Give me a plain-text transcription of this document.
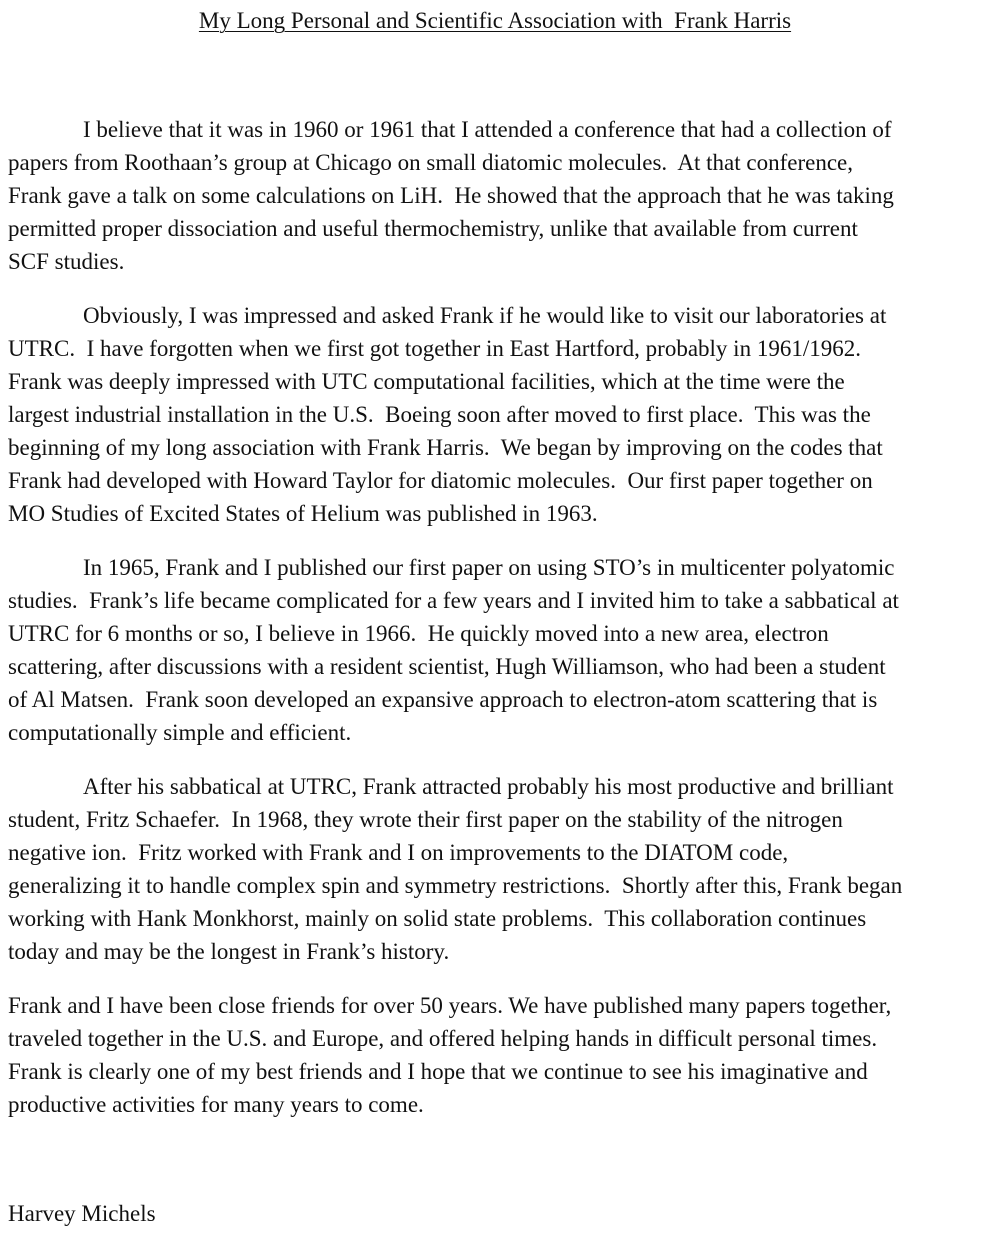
My Long Personal and Scientific Association with  Frank Harris
I believe that it was in 1960 or 1961 that I attended a conference that had a collection of
papers from Roothaan’s group at Chicago on small diatomic molecules.  At that conference,
Frank gave a talk on some calculations on LiH.  He showed that the approach that he was taking
permitted proper dissociation and useful thermochemistry, unlike that available from current
SCF studies.
Obviously, I was impressed and asked Frank if he would like to visit our laboratories at
UTRC.  I have forgotten when we first got together in East Hartford, probably in 1961/1962.
Frank was deeply impressed with UTC computational facilities, which at the time were the
largest industrial installation in the U.S.  Boeing soon after moved to first place.  This was the
beginning of my long association with Frank Harris.  We began by improving on the codes that
Frank had developed with Howard Taylor for diatomic molecules.  Our first paper together on
MO Studies of Excited States of Helium was published in 1963.
In 1965, Frank and I published our first paper on using STO’s in multicenter polyatomic
studies.  Frank’s life became complicated for a few years and I invited him to take a sabbatical at
UTRC for 6 months or so, I believe in 1966.  He quickly moved into a new area, electron
scattering, after discussions with a resident scientist, Hugh Williamson, who had been a student
of Al Matsen.  Frank soon developed an expansive approach to electron-atom scattering that is
computationally simple and efficient.
After his sabbatical at UTRC, Frank attracted probably his most productive and brilliant
student, Fritz Schaefer.  In 1968, they wrote their first paper on the stability of the nitrogen
negative ion.  Fritz worked with Frank and I on improvements to the DIATOM code,
generalizing it to handle complex spin and symmetry restrictions.  Shortly after this, Frank began
working with Hank Monkhorst, mainly on solid state problems.  This collaboration continues
today and may be the longest in Frank’s history.
Frank and I have been close friends for over 50 years. We have published many papers together,
traveled together in the U.S. and Europe, and offered helping hands in difficult personal times.
Frank is clearly one of my best friends and I hope that we continue to see his imaginative and
productive activities for many years to come.
Harvey Michels
